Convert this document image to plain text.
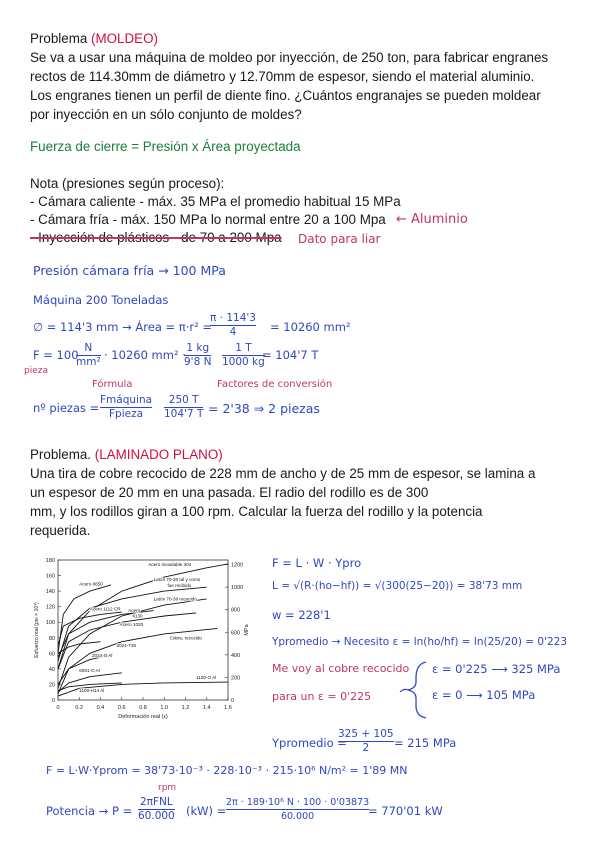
Problema (MOLDEO)
Se va a usar una máquina de moldeo por inyección, de 250 ton, para fabricar engranes
rectos de 114.30mm de diámetro y 12.70mm de espesor, siendo el material aluminio.
Los engranes tienen un perfil de diente fino. ¿Cuántos engranajes se pueden moldear
por inyección en un sólo conjunto de moldes?
Fuerza de cierre = Presión x Área proyectada
Nota (presiones según proceso):
- Cámara caliente - máx. 35 MPa el promedio habitual 15 MPa
- Cámara fría - máx. 150 MPa lo normal entre 20 a 100 Mpa
- Inyección de plásticos - de 70 a 200 Mpa
← Aluminio
Dato para liar
Presión cámara fría → 100 MPa
Máquina 200 Toneladas
∅ = 114'3 mm → Área = π·r² =
π · 114'3
4	= 10260 mm²
F = 100 N
mm² · 10260 mm² · 1 kg
9'8 N
1 T
1000 kg
= 104'7 T
pieza
Fórmula	Factores de conversión
nº piezas =
Fmáquina
Fpieza
250 T
104'7 T = 2'38 ⇒ 2 piezas
Problema. (LAMINADO PLANO)
Una tira de cobre recocido de 228 mm de ancho y de 25 mm de espesor, se lamina a
un espesor de 20 mm en una pasada. El radio del rodillo es de 300
mm, y los rodillos giran a 100 rpm. Calcular la fuerza del rodillo y la potencia
requerida.
0	0.2 0.4 0.6 0.8 1.0 1.2 1.4 1.6
0
20
40
60
80
100
120
140
160
180
0
200
400
600
800
1000
1200
Deformación real (ε)
Esfuerzo real (psi × 10³)	MPa
Acero inoxidable 304
Latón 70-30 tal y como
fue recibido
Acero 8650
Latón 70-30 recocido
Acero 1112 CR Acero
4130
Acero 1020
Cobre, recocido
2024-T36
2024-O Al
6061-O Al
1100-O Al
1100-H14 Al
F = L · W · Ypro
L = √(R·(ho−hf)) = √(300(25−20)) = 38'73 mm
w = 228'1
Ypromedio → Necesito ε = ln(ho/hf) = ln(25/20) = 0'223
Me voy al cobre recocido
para un ε = 0'225
ε = 0'225 ⟶ 325 MPa
ε = 0 ⟶ 105 MPa
Ypromedio =
325 + 105
2 = 215 MPa
F = L·W·Yprom = 38'73·10⁻³ · 228·10⁻³ · 215·10⁶ N/m² = 1'89 MN
Potencia → P =
rpm
2πFNL
60.000 (kW) =
2π · 189·10⁶ N · 100 · 0'03873
60.000	= 770'01 kW
